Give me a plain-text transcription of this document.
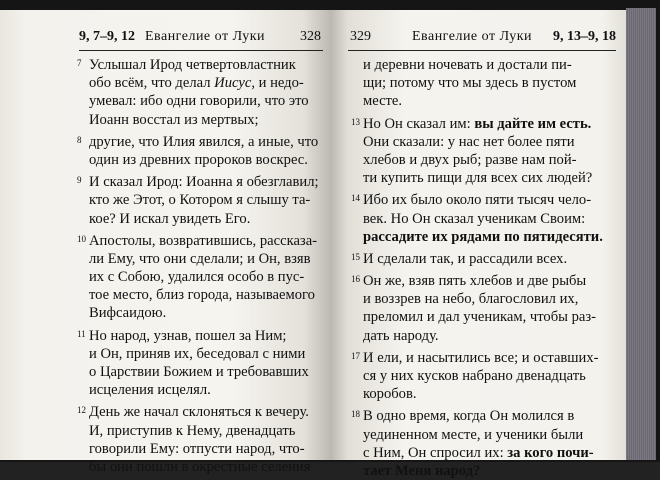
9, 7–9, 12 Евангелие от Луки 328
7 Услышал Ирод четвертовластник
обо всём, что делал Иисус, и недо-
умевал: ибо одни говорили, что это
Иоанн восстал из мертвых;
8 другие, что Илия явился, а иные, что
один из древних пророков воскрес.
9 И сказал Ирод: Иоанна я обезглавил;
кто же Этот, о Котором я слышу та-
кое? И искал увидеть Его.
10 Апостолы, возвратившись, рассказа-
ли Ему, что они сделали; и Он, взяв
их с Собою, удалился особо в пус-
тое место, близ города, называемого
Вифсаидою.
11 Но народ, узнав, пошел за Ним;
и Он, приняв их, беседовал с ними
о Царствии Божием и требовавших
исцеления исцелял.
12 День же начал склоняться к вечеру.
И, приступив к Нему, двенадцать
говорили Ему: отпусти народ, что-
бы они пошли в окрестные селения
329	Евангелие от Луки 9, 13–9, 18
и деревни ночевать и достали пи-
щи; потому что мы здесь в пустом
месте.
13 Но Он сказал им: вы дайте им есть.
Они сказали: у нас нет более пяти
хлебов и двух рыб; разве нам пой-
ти купить пищи для всех сих людей?
14 Ибо их было около пяти тысяч чело-
век. Но Он сказал ученикам Своим:
рассадите их рядами по пятидесяти.
15 И сделали так, и рассадили всех.
16 Он же, взяв пять хлебов и две рыбы
и воззрев на небо, благословил их,
преломил и дал ученикам, чтобы раз-
дать народу.
17 И ели, и насытились все; и оставших-
ся у них кусков набрано двенадцать
коробов.
18 В одно время, когда Он молился в
уединенном месте, и ученики были
с Ним, Он спросил их: за кого почи-
тает Меня народ?
